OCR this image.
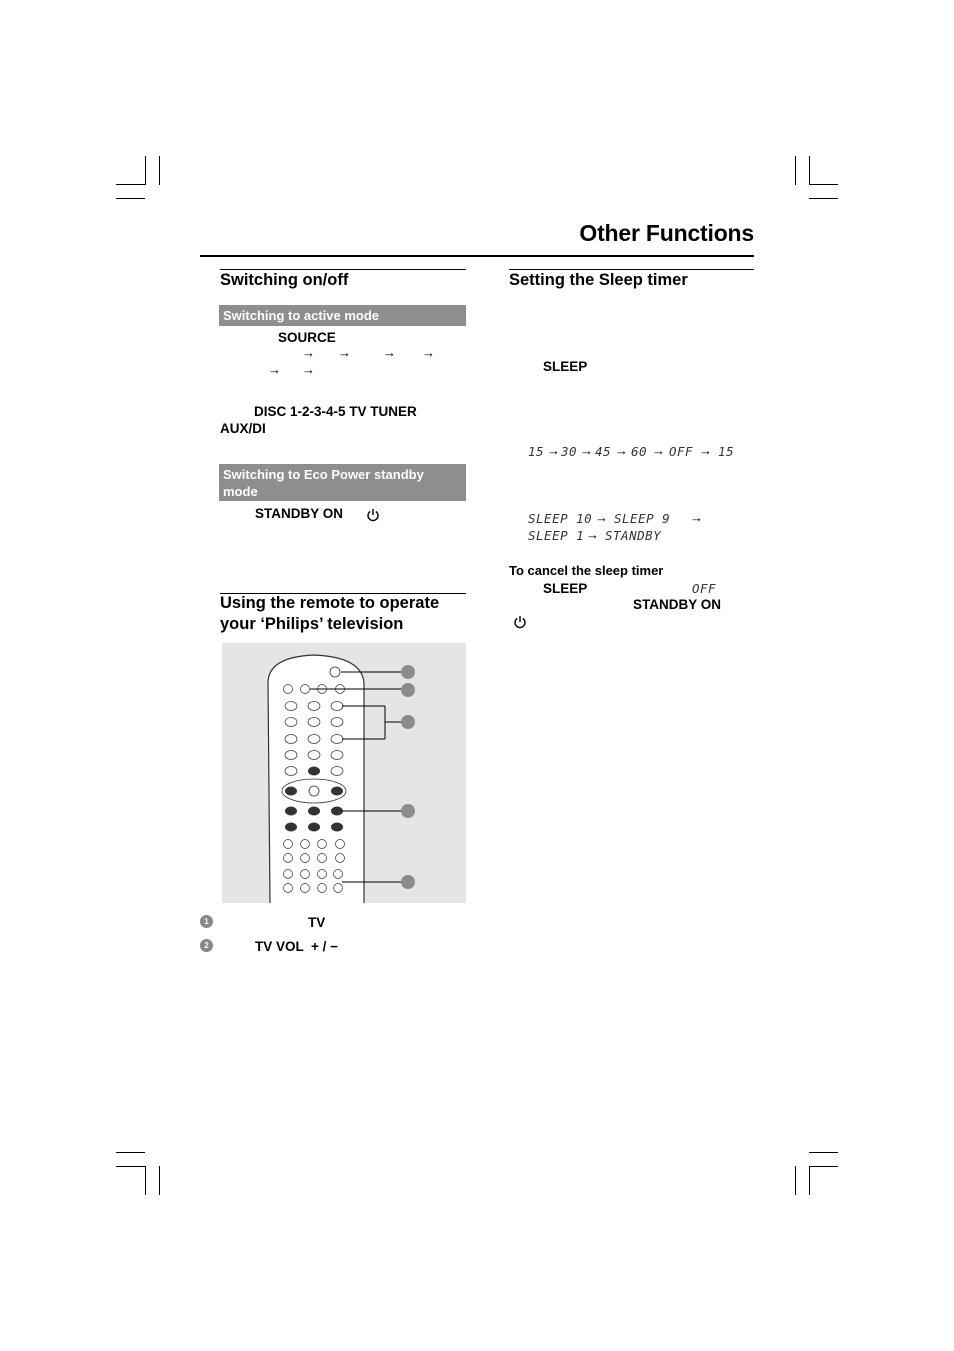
Other Functions
Switching on/off
Switching to active mode
SOURCE
→ → → →
→ →
DISC 1-2-3-4-5 TV TUNER
AUX/DI
Switching to Eco Power standby mode
STANDBY ON
Using the remote to operate
your ‘Philips’ television
1	TV
2	TV VOL  + / −
Setting the Sleep timer
SLEEP
15 → 30 → 45 → 60 → OFF → 15
SLEEP 10 → SLEEP 9 →
SLEEP 1 → STANDBY
To cancel the sleep timer
SLEEP	OFF
STANDBY ON
